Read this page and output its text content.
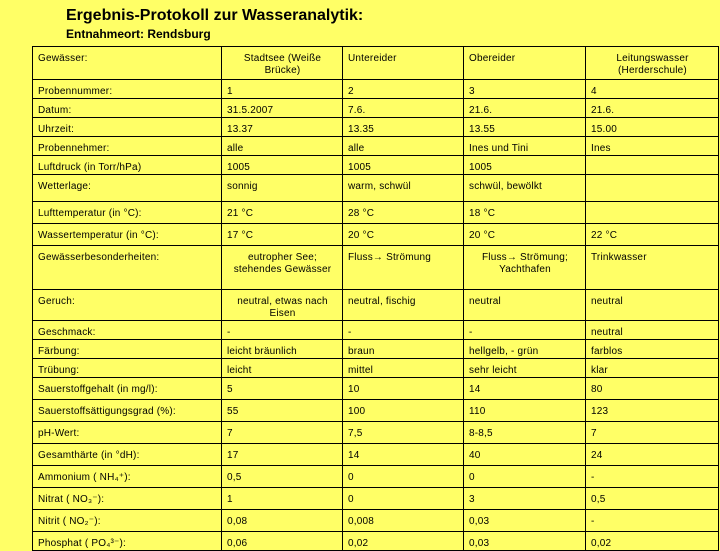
Ergebnis-Protokoll zur Wasseranalytik:
Entnahmeort: Rendsburg
Gewässer:	Stadtsee (Weiße Brücke)	Untereider	Obereider	Leitungswasser (Herderschule)
Probennummer:	1	2	3	4
Datum:	31.5.2007	7.6.	21.6.	21.6.
Uhrzeit:	13.37	13.35	13.55	15.00
Probennehmer:	alle	alle	Ines und Tini	Ines
Luftdruck (in Torr/hPa)	1005	1005	1005	
Wetterlage:	sonnig	warm, schwül	schwül, bewölkt	
Lufttemperatur (in °C):	21 °C	28 °C	18 °C	
Wassertemperatur (in °C):	17 °C	20 °C	20 °C	22 °C
Gewässerbesonderheiten:	eutropher See; stehendes Gewässer	Fluss→ Strömung	Fluss→ Strömung; Yachthafen	Trinkwasser
Geruch:	neutral, etwas nach Eisen	neutral, fischig	neutral	neutral
Geschmack:	-	-	-	neutral
Färbung:	leicht bräunlich	braun	hellgelb, - grün	farblos
Trübung:	leicht	mittel	sehr leicht	klar
Sauerstoffgehalt (in mg/l):	5	10	14	80
Sauerstoffsättigungsgrad (%):	55	100	110	123
pH-Wert:	7	7,5	8-8,5	7
Gesamthärte (in °dH):	17	14	40	24
Ammonium ( NH₄⁺):	0,5	0	0	-
Nitrat ( NO₃⁻):	1	0	3	0,5
Nitrit ( NO₂⁻):	0,08	0,008	0,03	-
Phosphat ( PO₄³⁻):	0,06	0,02	0,03	0,02
